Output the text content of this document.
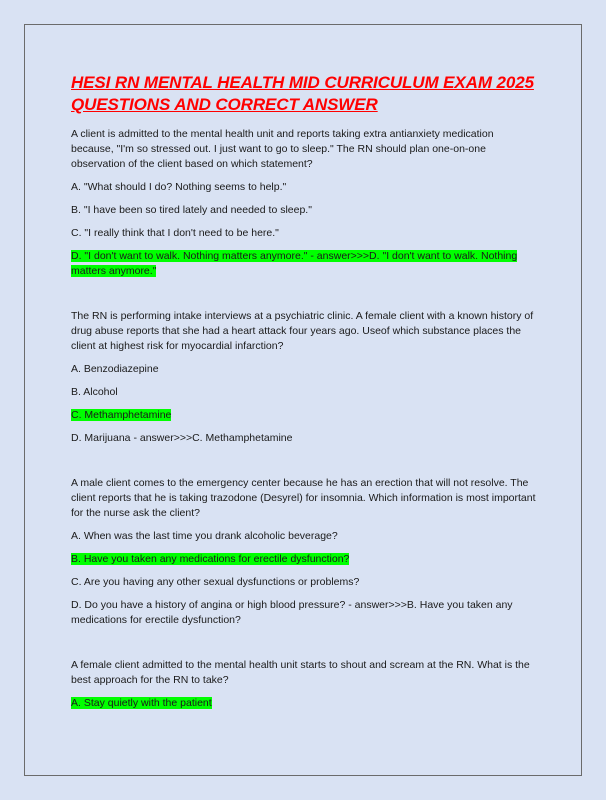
HESI RN MENTAL HEALTH MID CURRICULUM EXAM 2025 QUESTIONS AND CORRECT ANSWER

A client is admitted to the mental health unit and reports taking extra antianxiety medication because, "I'm so stressed out. I just want to go to sleep." The RN should plan one-on-one observation of the client based on which statement?

A. "What should I do? Nothing seems to help."

B. "I have been so tired lately and needed to sleep."

C. "I really think that I don't need to be here."

D. "I don't want to walk. Nothing matters anymore." - answer>>>D. "I don't want to walk. Nothing matters anymore."

The RN is performing intake interviews at a psychiatric clinic. A female client with a known history of drug abuse reports that she had a heart attack four years ago. Useof which substance places the client at highest risk for myocardial infarction?

A. Benzodiazepine

B. Alcohol

C. Methamphetamine

D. Marijuana - answer>>>C. Methamphetamine

A male client comes to the emergency center because he has an erection that will not resolve. The client reports that he is taking trazodone (Desyrel) for insomnia. Which information is most important for the nurse ask the client?

A. When was the last time you drank alcoholic beverage?

B. Have you taken any medications for erectile dysfunction?

C. Are you having any other sexual dysfunctions or problems?

D. Do you have a history of angina or high blood pressure? - answer>>>B. Have you taken any medications for erectile dysfunction?

A female client admitted to the mental health unit starts to shout and scream at the RN. What is the best approach for the RN to take?

A. Stay quietly with the patient
